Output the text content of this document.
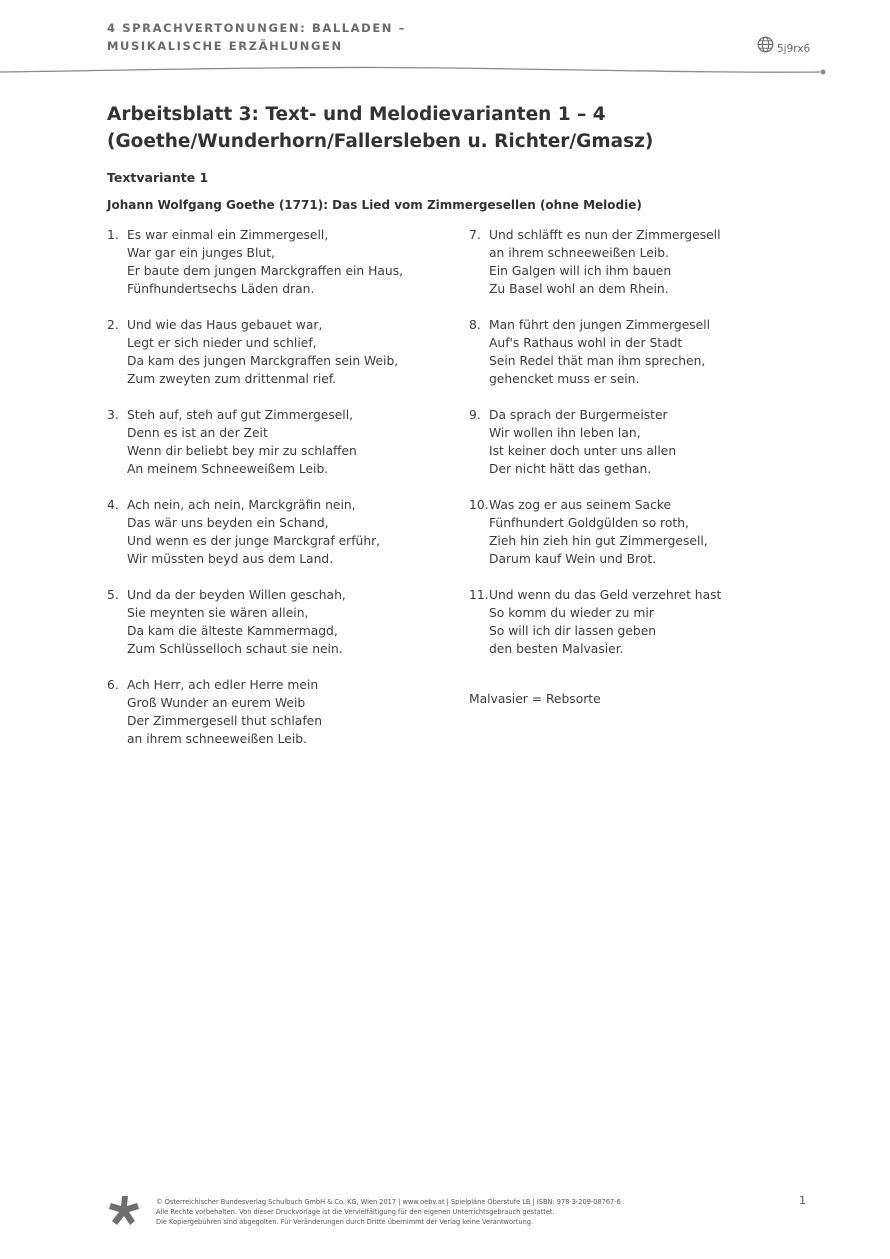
4 SPRACHVERTONUNGEN: BALLADEN –
MUSIKALISCHE ERZÄHLUNGEN	5j9rx6
Arbeitsblatt 3: Text- und Melodievarianten 1 – 4
(Goethe/Wunderhorn/Fallersleben u. Richter/Gmasz)
Textvariante 1
Johann Wolfgang Goethe (1771): Das Lied vom Zimmergesellen (ohne Melodie)
1. Es war einmal ein Zimmergesell,
War gar ein junges Blut,
Er baute dem jungen Marckgraffen ein Haus,
Fünfhundertsechs Läden dran.
2. Und wie das Haus gebauet war,
Legt er sich nieder und schlief,
Da kam des jungen Marckgraffen sein Weib,
Zum zweyten zum drittenmal rief.
3. Steh auf, steh auf gut Zimmergesell,
Denn es ist an der Zeit
Wenn dir beliebt bey mir zu schlaffen
An meinem Schneeweißem Leib.
4. Ach nein, ach nein, Marckgräfin nein,
Das wär uns beyden ein Schand,
Und wenn es der junge Marckgraf erführ,
Wir müssten beyd aus dem Land.
5. Und da der beyden Willen geschah,
Sie meynten sie wären allein,
Da kam die älteste Kammermagd,
Zum Schlüsselloch schaut sie nein.
6. Ach Herr, ach edler Herre mein
Groß Wunder an eurem Weib
Der Zimmergesell thut schlafen
an ihrem schneeweißen Leib.
7. Und schläfft es nun der Zimmergesell
an ihrem schneeweißen Leib.
Ein Galgen will ich ihm bauen
Zu Basel wohl an dem Rhein.
8. Man führt den jungen Zimmergesell
Auf's Rathaus wohl in der Stadt
Sein Redel thät man ihm sprechen,
gehencket muss er sein.
9. Da sprach der Burgermeister
Wir wollen ihn leben lan,
Ist keiner doch unter uns allen
Der nicht hätt das gethan.
10. Was zog er aus seinem Sacke
Fünfhundert Goldgülden so roth,
Zieh hin zieh hin gut Zimmergesell,
Darum kauf Wein und Brot.
11. Und wenn du das Geld verzehret hast
So komm du wieder zu mir
So will ich dir lassen geben
den besten Malvasier.
Malvasier = Rebsorte
© Österreichischer Bundesverlag Schulbuch GmbH & Co. KG, Wien 2017 | www.oebv.at | Spielpläne Oberstufe LB | ISBN: 978-3-209-08767-6
Alle Rechte vorbehalten. Von dieser Druckvorlage ist die Vervielfältigung für den eigenen Unterrichtsgebrauch gestattet.
Die Kopiergebühren sind abgegolten. Für Veränderungen durch Dritte übernimmt der Verlag keine Verantwortung.
1
